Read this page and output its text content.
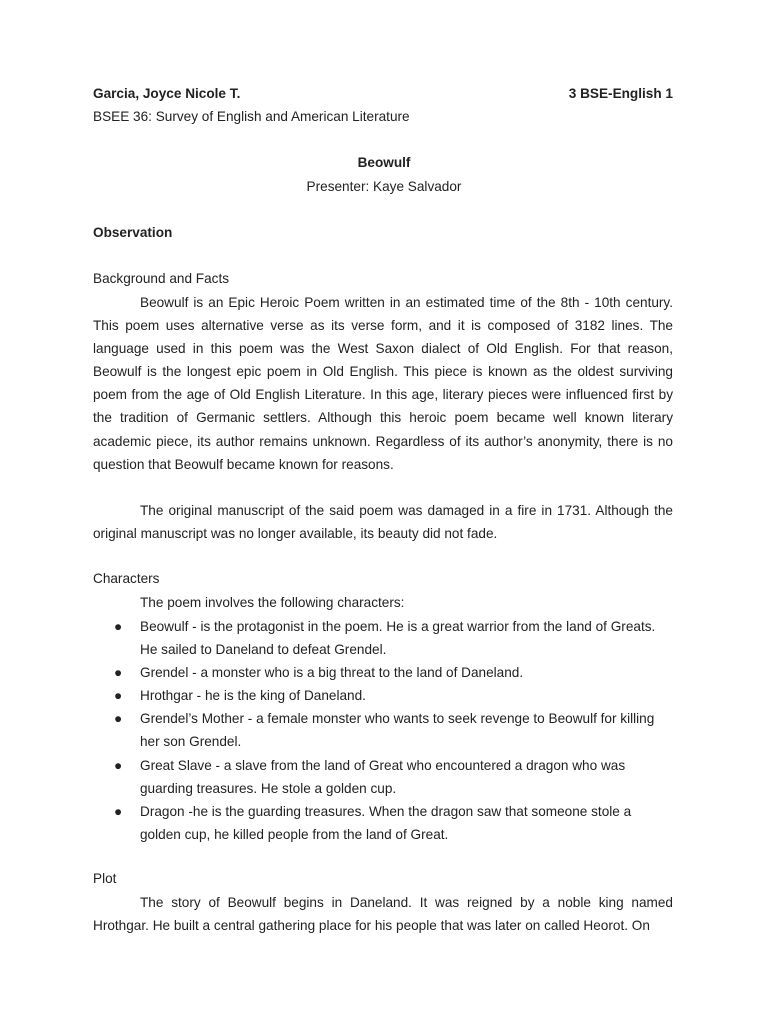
Garcia, Joyce Nicole T.	3 BSE-English 1
BSEE 36: Survey of English and American Literature
Beowulf
Presenter: Kaye Salvador
Observation
Background and Facts

Beowulf is an Epic Heroic Poem written in an estimated time of the 8th - 10th century. This poem uses alternative verse as its verse form, and it is composed of 3182 lines. The language used in this poem was the West Saxon dialect of Old English. For that reason, Beowulf is the longest epic poem in Old English. This piece is known as the oldest surviving poem from the age of Old English Literature. In this age, literary pieces were influenced first by the tradition of Germanic settlers. Although this heroic poem became well known literary academic piece, its author remains unknown. Regardless of its author’s anonymity, there is no question that Beowulf became known for reasons.

The original manuscript of the said poem was damaged in a fire in 1731. Although the original manuscript was no longer available, its beauty did not fade.

Characters

The poem involves the following characters:

● Beowulf - is the protagonist in the poem. He is a great warrior from the land of Greats. He sailed to Daneland to defeat Grendel.
● Grendel - a monster who is a big threat to the land of Daneland.
● Hrothgar - he is the king of Daneland.
● Grendel’s Mother - a female monster who wants to seek revenge to Beowulf for killing her son Grendel.
● Great Slave - a slave from the land of Great who encountered a dragon who was guarding treasures. He stole a golden cup.
● Dragon -he is the guarding treasures. When the dragon saw that someone stole a golden cup, he killed people from the land of Great.
Plot

The story of Beowulf begins in Daneland. It was reigned by a noble king named Hrothgar. He built a central gathering place for his people that was later on called Heorot. On
